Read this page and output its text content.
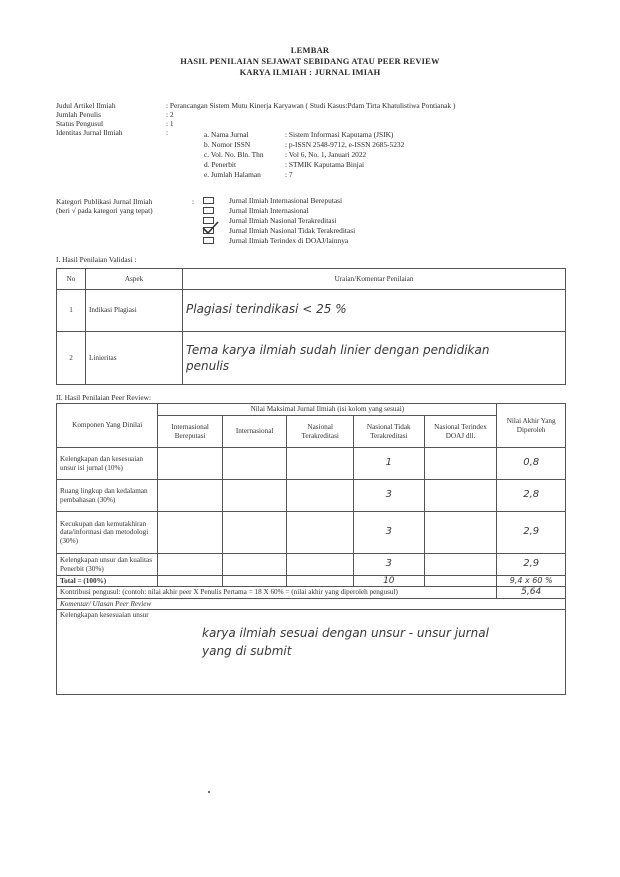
LEMBAR
HASIL PENILAIAN SEJAWAT SEBIDANG ATAU PEER REVIEW
KARYA ILMIAH : JURNAL IMIAH
Judul Artikel Ilmiah	: Perancangan Sistem Mutu Kinerja Karyawan ( Studi Kasus:Pdam Tirta Khatulistiwa Pontianak )
Jumlah Penulis	: 2
Status Pengusul	: 1
Identitas Jurnal Ilmiah	:	a. Nama Jurnal	: Sistem Informasi Kaputama (JSIK)
b. Nomor ISSN	: p-ISSN 2548-9712, e-ISSN 2685-5232
c. Vol. No. Bln. Thn	: Vol 6, No. 1, Januari 2022
d. Penerbit	: STMIK Kaputama Binjai
e. Jumlah Halaman	: 7
Kategori Publikasi Jurnal Ilmiah
(beri √ pada kategori yang tepat)
:	Jurnal Ilmiah Internasional Bereputasi
Jurnal Ilmiah Internasional
Jurnal Ilmiah Nasional Terakreditasi
Jurnal Ilmiah Nasional Tidak Terakreditasi
Jurnal Ilmiah Terindex di DOAJ/lainnya
I. Hasil Penilaian Validasi :
No	Aspek	Uraian/Komentar Penilaian
1	Indikasi Plagiasi	Plagiasi terindikasi < 25 %
2	Linieritas	Tema karya ilmiah sudah linier dengan pendidikan
penulis
II. Hasil Penilaian Peer Review:
Komponen Yang Dinilai	Nilai Maksimal Jurnal Ilmiah (isi kolom yang sesuai)					Nilai Akhir Yang Diperoleh
	Internasional Bereputasi	Internasional	Nasional Terakreditasi	Nasional Tidak Terakreditasi	Nasional Terindex DOAJ dll.	
Kelengkapan dan kesesuaian unsur isi jurnal (10%)				1		0,8
Ruang lingkup dan kedalaman pembahasan (30%)				3		2,8
Kecukupan dan kemutakhiran data/informasi dan metodologi (30%)				3		2,9
Kelengkapan unsur dan kualitas Penerbit (30%)				3		2,9
Total = (100%)				10		9,4 x 60 %
Kontribusi pengusul: (contoh: nilai akhir peer X Penulis Pertama = 18 X 60% = (nilai akhir yang diperoleh pengusul)						5,64
Komentar/ Ulasan Peer Review						

Kelengkapan kesesuaian unsur
karya ilmiah sesuai dengan unsur - unsur jurnal
yang di submit						
